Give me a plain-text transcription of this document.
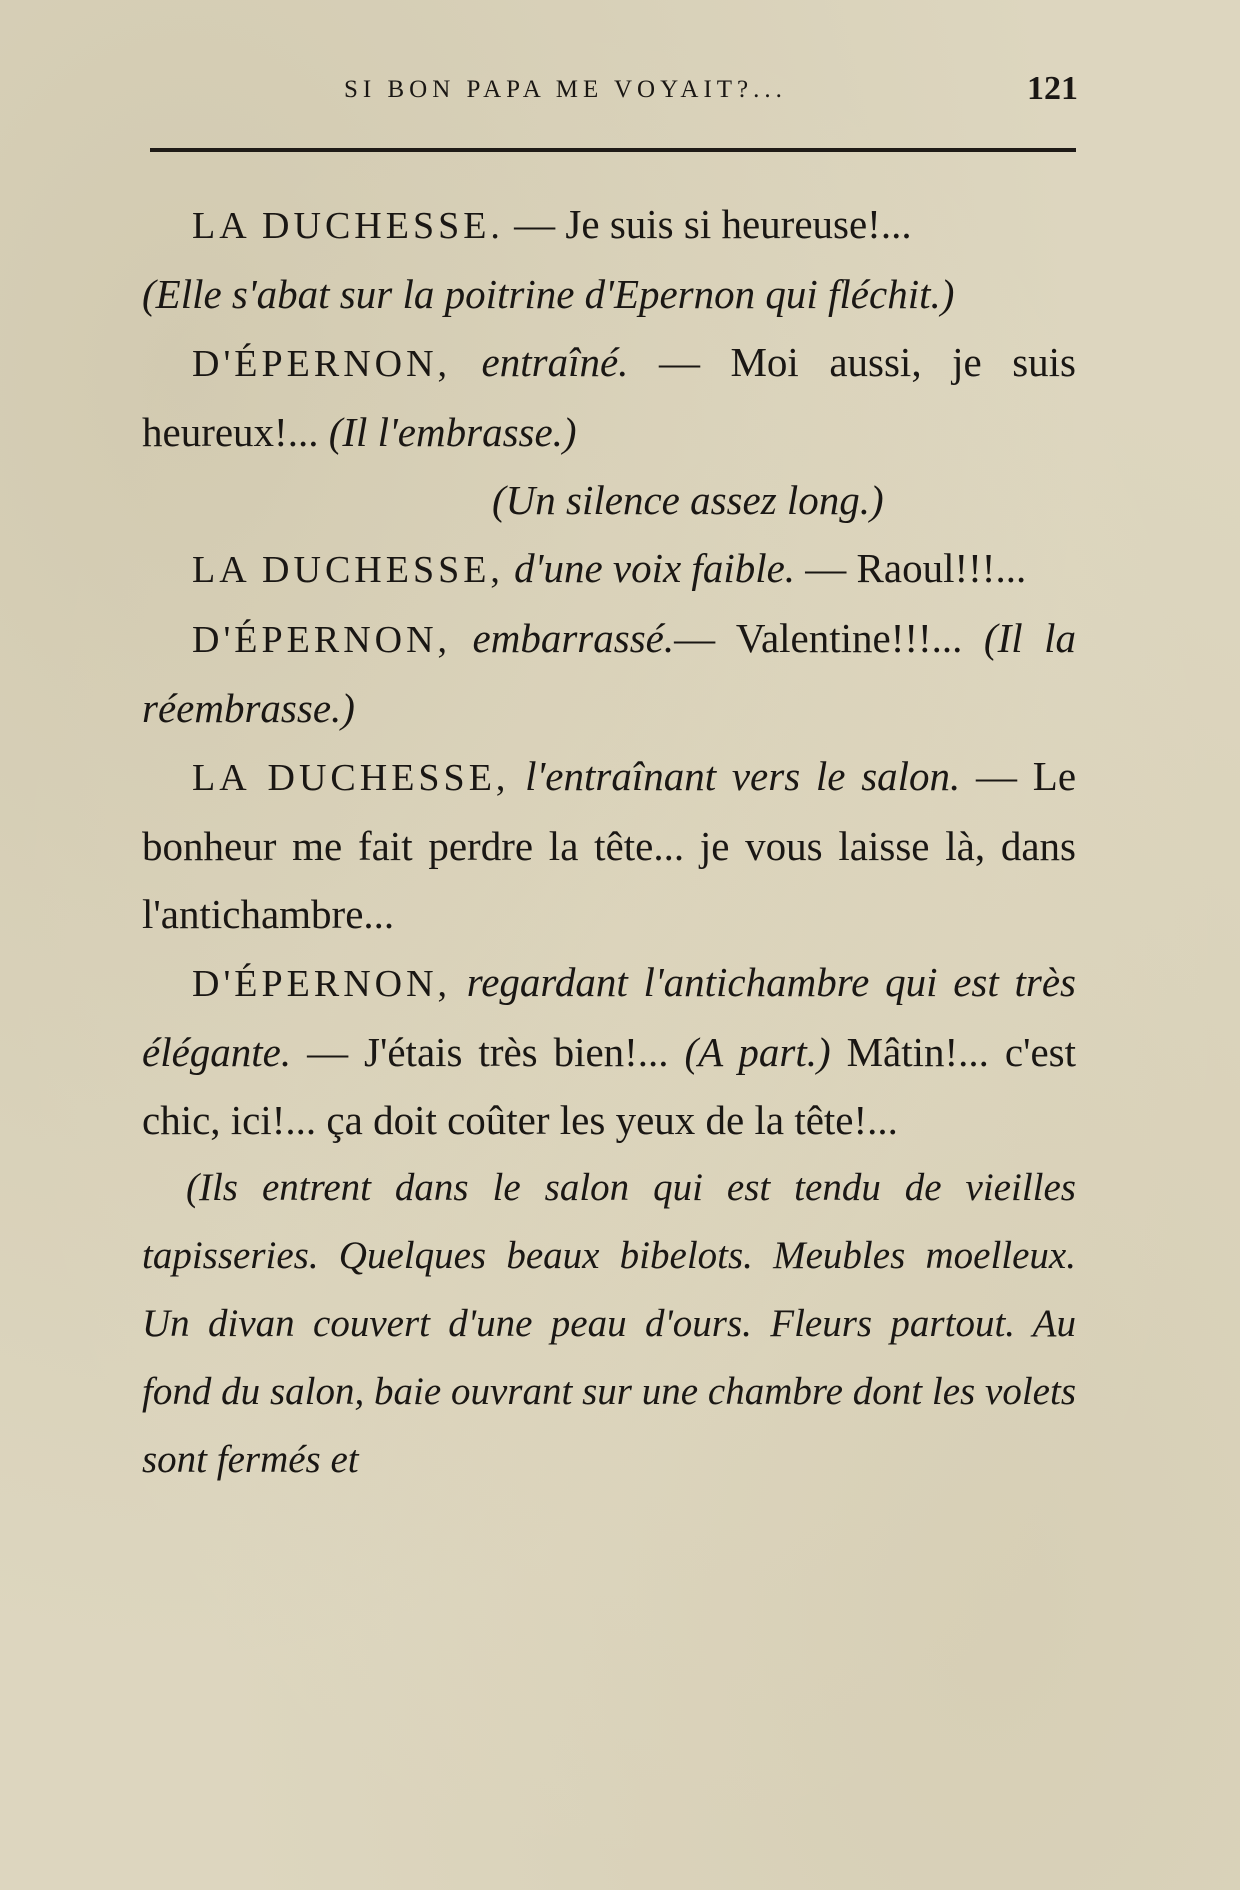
SI BON PAPA ME VOYAIT?...	121

LA DUCHESSE. — Je suis si heureuse!...

(Elle s'abat sur la poitrine d'Epernon qui fléchit.)

D'ÉPERNON, entraîné. — Moi aussi, je suis heureux!... (Il l'embrasse.)

(Un silence assez long.)

LA DUCHESSE, d'une voix faible. — Raoul!!!...

D'ÉPERNON, embarrassé.— Valentine!!!... (Il la réembrasse.)

LA DUCHESSE, l'entraînant vers le salon. — Le bonheur me fait perdre la tête... je vous laisse là, dans l'antichambre...

D'ÉPERNON, regardant l'antichambre qui est très élégante. — J'étais très bien!... (A part.) Mâtin!... c'est chic, ici!... ça doit coûter les yeux de la tête!...

(Ils entrent dans le salon qui est tendu de vieilles tapisseries. Quelques beaux bibelots. Meubles moelleux. Un divan couvert d'une peau d'ours. Fleurs partout. Au fond du salon, baie ouvrant sur une chambre dont les volets sont fermés et
